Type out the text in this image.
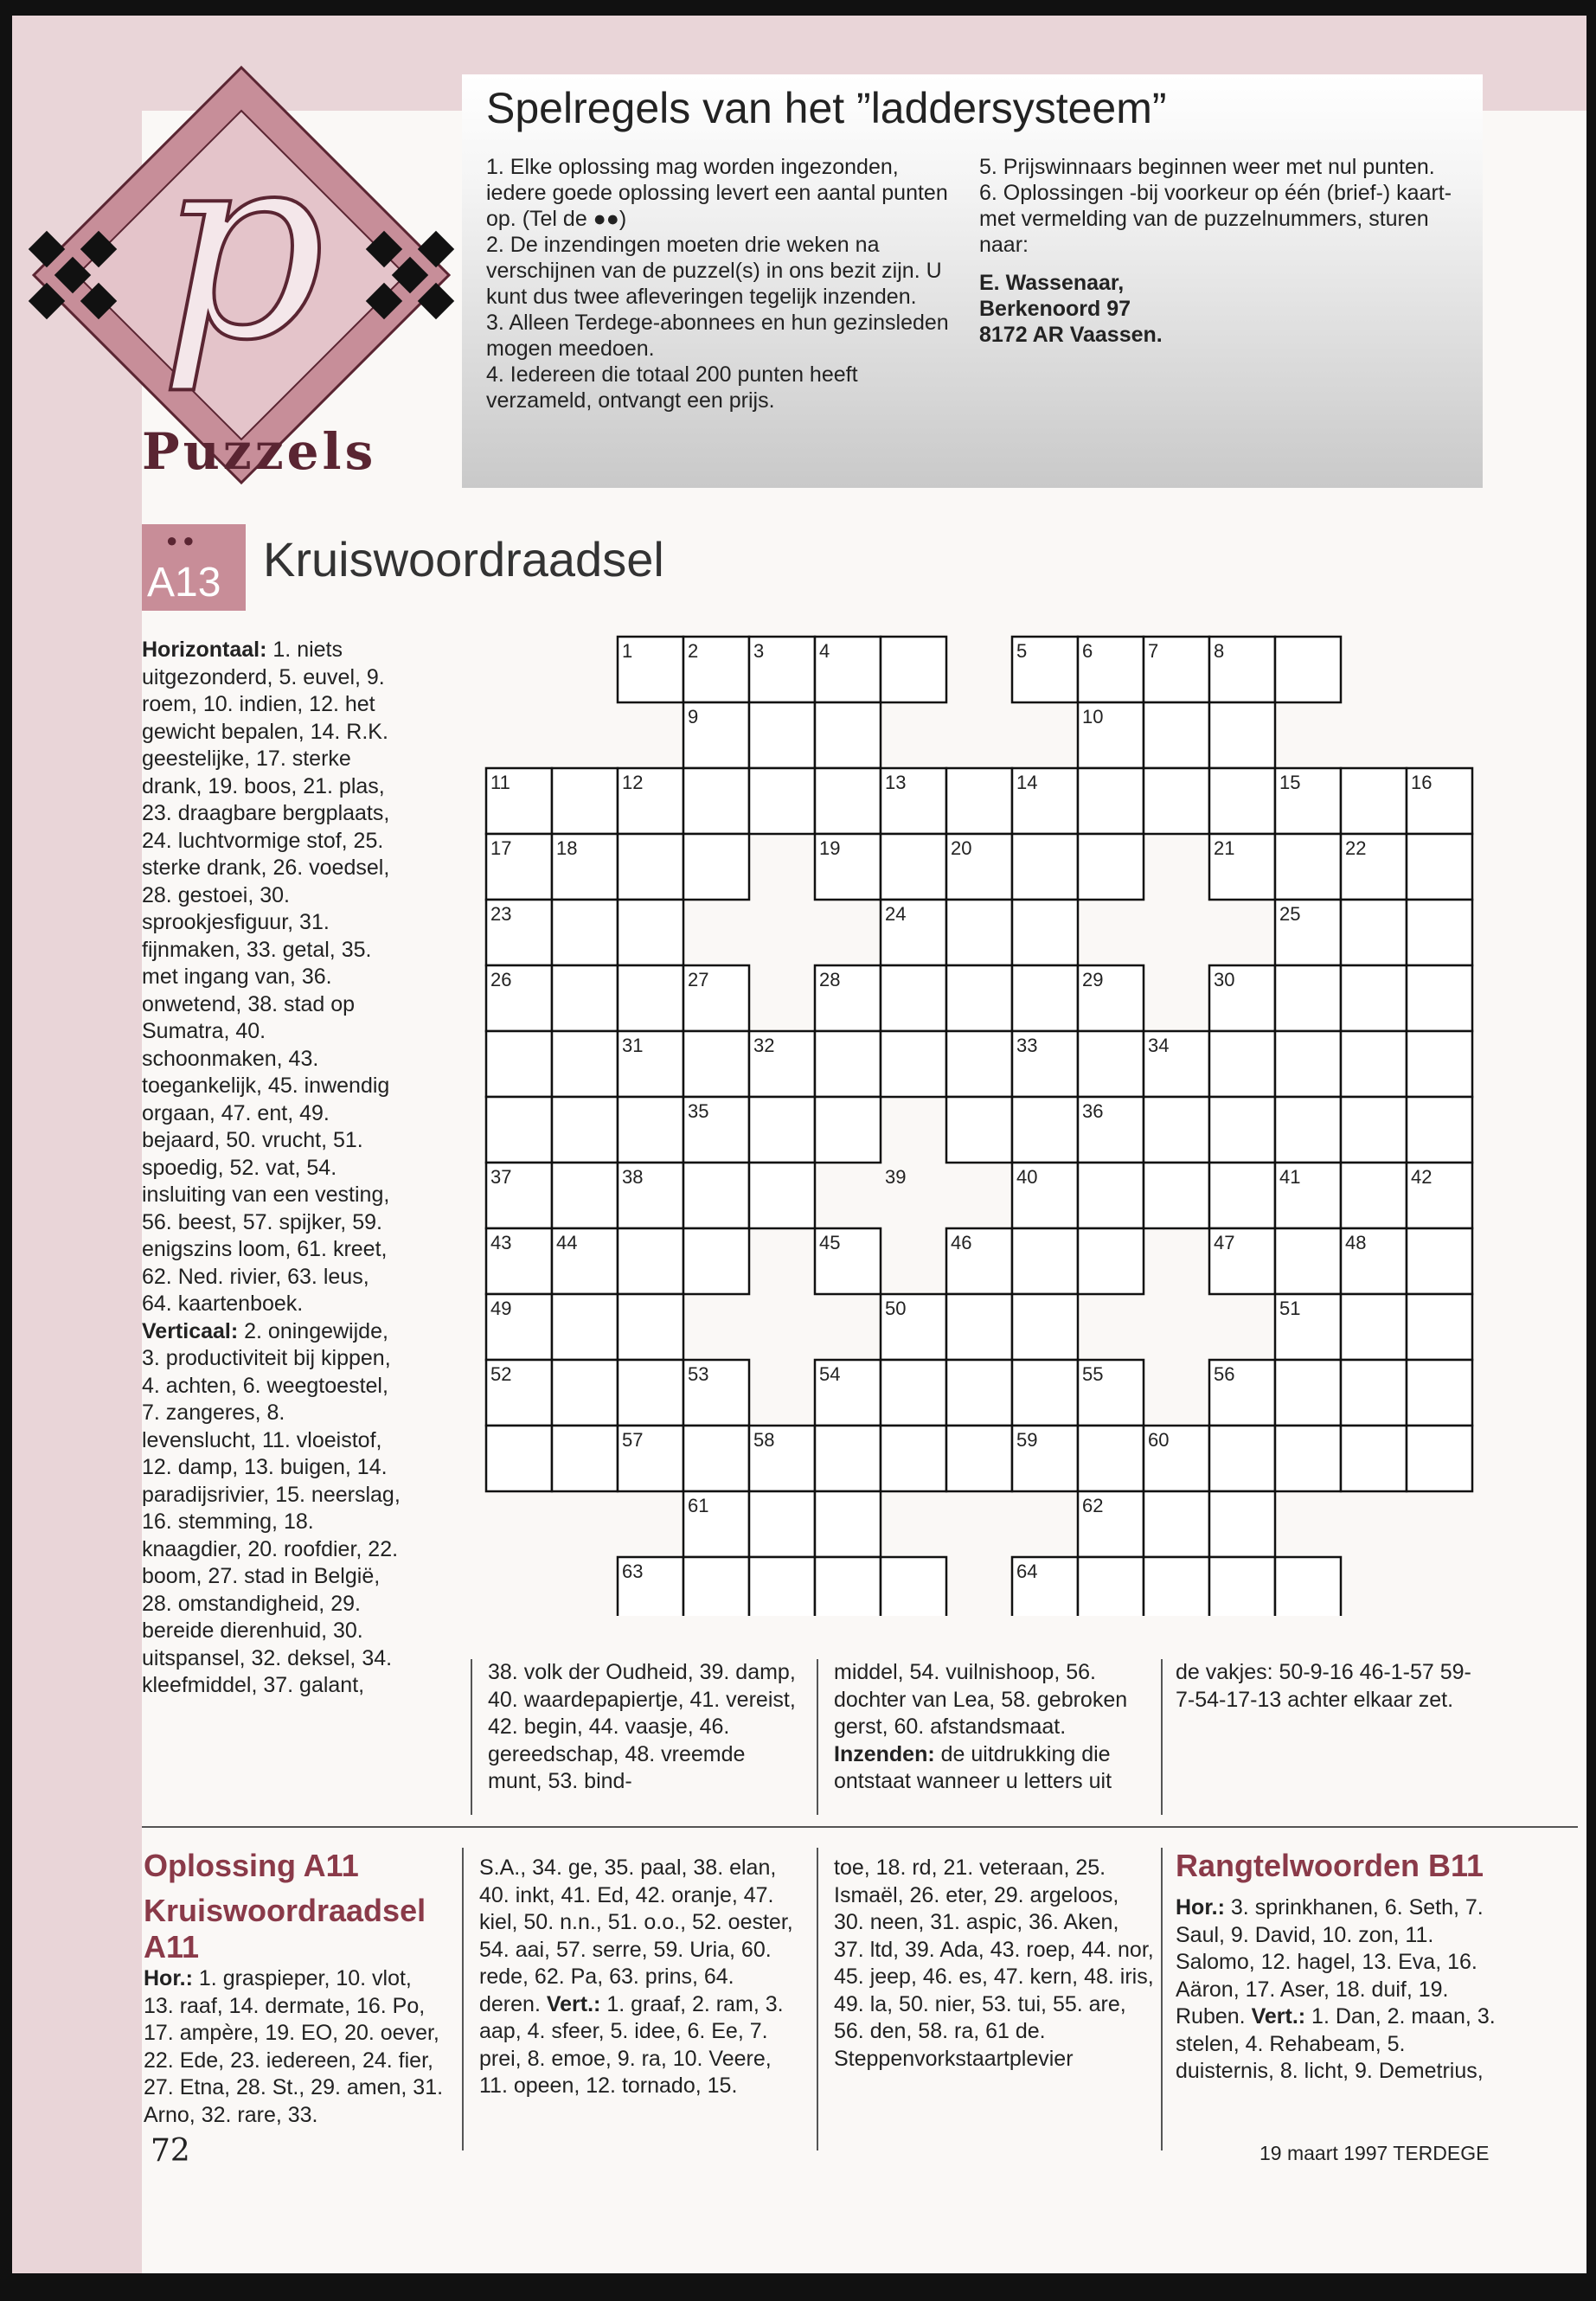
p
Puzzels
Spelregels van het ”laddersysteem”

1. Elke oplossing mag worden ingezonden, iedere goede oplossing levert een aantal punten op. (Tel de ●●)

2. De inzendingen moeten drie weken na verschijnen van de puzzel(s) in ons bezit zijn. U kunt dus twee afleveringen tegelijk inzenden.

3. Alleen Terdege-abonnees en hun gezinsleden mogen meedoen.

4. Iedereen die totaal 200 punten heeft verzameld, ontvangt een prijs.

5. Prijswinnaars beginnen weer met nul punten.

6. Oplossingen -bij voorkeur op één (brief-) kaart- met vermelding van de puzzelnummers, sturen naar:

E. Wassenaar,

Berkenoord 97

8172 AR Vaassen.

●●
A13 Kruiswoordraadsel
Horizontaal: 1. niets uitgezonderd, 5. euvel, 9. roem, 10. indien, 12. het gewicht bepalen, 14. R.K. geestelijke, 17. sterke drank, 19. boos, 21. plas, 23. draagbare bergplaats, 24. luchtvormige stof, 25. sterke drank, 26. voedsel, 28. gestoei, 30. sprookjesfiguur, 31. fijnmaken, 33. getal, 35. met ingang van, 36. onwetend, 38. stad op Sumatra, 40. schoonmaken, 43. toegankelijk, 45. inwendig orgaan, 47. ent, 49. bejaard, 50. vrucht, 51. spoedig, 52. vat, 54. insluiting van een vesting, 56. beest, 57. spijker, 59. enigszins loom, 61. kreet, 62. Ned. rivier, 63. leus, 64. kaartenboek. Verticaal: 2. oningewijde, 3. productiviteit bij kippen, 4. achten, 6. weegtoestel, 7. zangeres, 8. levenslucht, 11. vloeistof, 12. damp, 13. buigen, 14. paradijsrivier, 15. neerslag, 16. stemming, 18. knaagdier, 20. roofdier, 22. boom, 27. stad in België, 28. omstandigheid, 29. bereide dierenhuid, 30. uitspansel, 32. deksel, 34. kleefmiddel, 37. galant,
1	2	3	4	5	6	7	8
9	10
11	12	13	14	15	16
17 18	19	20	21	22
23	24	25
26	27	28	29	30
31	32	33	34
35	36
37	38	39	40	41	42
43 44	45	46	47	48
49	50	51
52	53	54	55	56
57	58	59	60
61	62
63	64
38. volk der Oudheid, 39. damp, 40. waardepapiertje, 41. vereist, 42. begin, 44. vaasje, 46. gereedschap, 48. vreemde munt, 53. bind-
middel, 54. vuilnishoop, 56. dochter van Lea, 58. gebroken gerst, 60. afstandsmaat. Inzenden: de uitdrukking die ontstaat wanneer u letters uit
de vakjes: 50-9-16 46-1-57 59-7-54-17-13 achter elkaar zet.
Oplossing A11
Kruiswoordraadsel A11
Hor.: 1. graspieper, 10. vlot, 13. raaf, 14. dermate, 16. Po, 17. ampère, 19. EO, 20. oever, 22. Ede, 23. iedereen, 24. fier, 27. Etna, 28. St., 29. amen, 31. Arno, 32. rare, 33.
S.A., 34. ge, 35. paal, 38. elan, 40. inkt, 41. Ed, 42. oranje, 47. kiel, 50. n.n., 51. o.o., 52. oester, 54. aai, 57. serre, 59. Uria, 60. rede, 62. Pa, 63. prins, 64. deren. Vert.: 1. graaf, 2. ram, 3. aap, 4. sfeer, 5. idee, 6. Ee, 7. prei, 8. emoe, 9. ra, 10. Veere, 11. opeen, 12. tornado, 15.
toe, 18. rd, 21. veteraan, 25. Ismaël, 26. eter, 29. argeloos, 30. neen, 31. aspic, 36. Aken, 37. ltd, 39. Ada, 43. roep, 44. nor, 45. jeep, 46. es, 47. kern, 48. iris, 49. la, 50. nier, 53. tui, 55. are, 56. den, 58. ra, 61 de.
Steppenvorkstaartplevier
Rangtelwoorden B11
Hor.: 3. sprinkhanen, 6. Seth, 7. Saul, 9. David, 10. zon, 11. Salomo, 12. hagel, 13. Eva, 16. Aäron, 17. Aser, 18. duif, 19. Ruben. Vert.: 1. Dan, 2. maan, 3. stelen, 4. Rehabeam, 5. duisternis, 8. licht, 9. Demetrius,
72	19 maart 1997 TERDEGE
